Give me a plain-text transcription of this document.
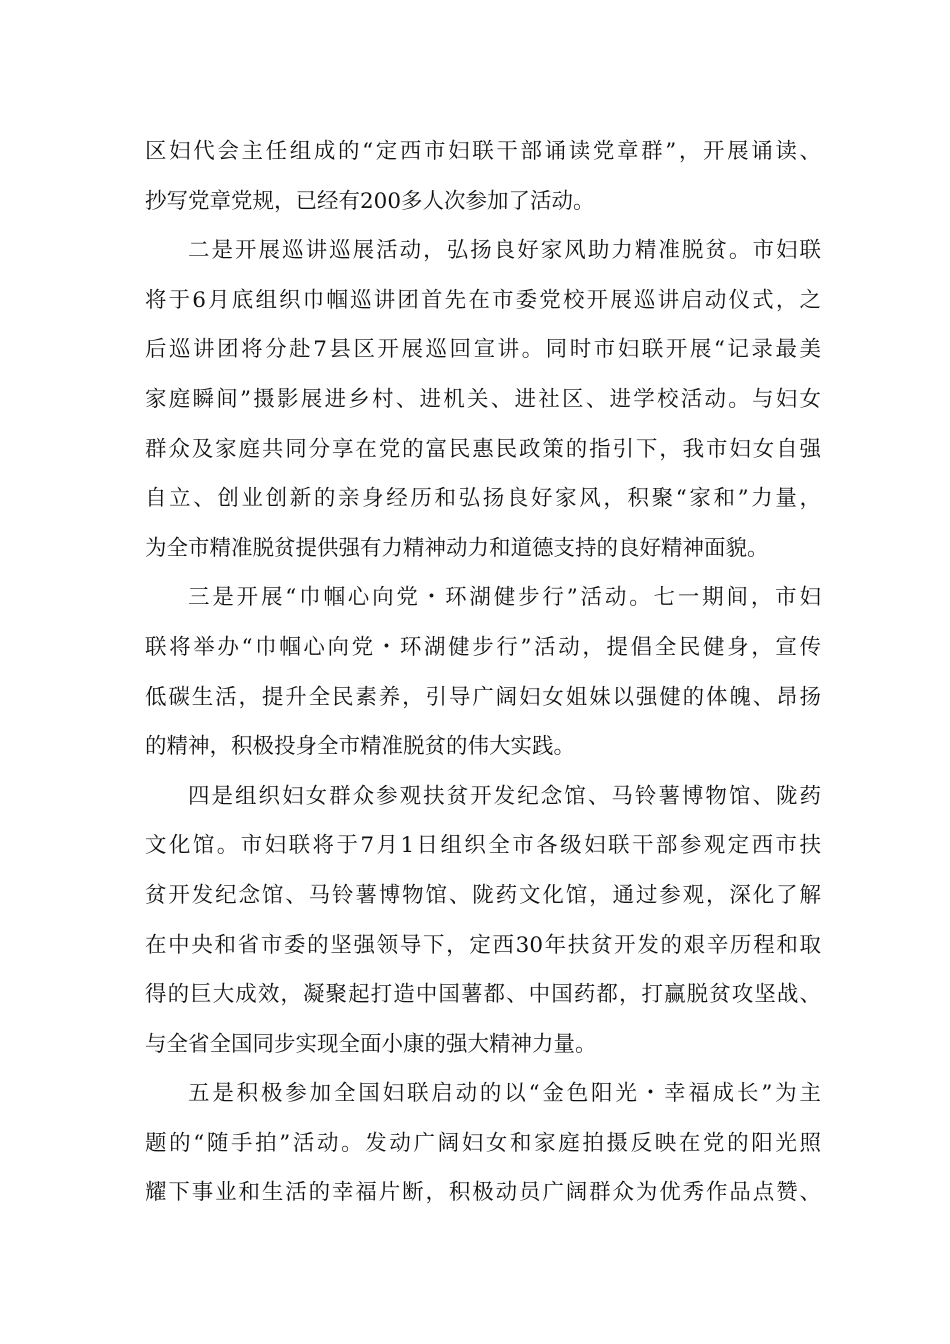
区妇代会主任组成的“定西市妇联干部诵读党章群”，开展诵读、
抄写党章党规，已经有200多人次参加了活动。
二是开展巡讲巡展活动，弘扬良好家风助力精准脱贫。市妇联
将于6月底组织巾帼巡讲团首先在市委党校开展巡讲启动仪式，之
后巡讲团将分赴7县区开展巡回宣讲。同时市妇联开展“记录最美
家庭瞬间”摄影展进乡村、进机关、进社区、进学校活动。与妇女
群众及家庭共同分享在党的富民惠民政策的指引下，我市妇女自强
自立、创业创新的亲身经历和弘扬良好家风，积聚“家和”力量，
为全市精准脱贫提供强有力精神动力和道德支持的良好精神面貌。
三是开展“巾帼心向党・环湖健步行”活动。七一期间，市妇
联将举办“巾帼心向党・环湖健步行”活动，提倡全民健身，宣传
低碳生活，提升全民素养，引导广阔妇女姐妹以强健的体魄、昂扬
的精神，积极投身全市精准脱贫的伟大实践。
四是组织妇女群众参观扶贫开发纪念馆、马铃薯博物馆、陇药
文化馆。市妇联将于7月1日组织全市各级妇联干部参观定西市扶
贫开发纪念馆、马铃薯博物馆、陇药文化馆，通过参观，深化了解
在中央和省市委的坚强领导下，定西30年扶贫开发的艰辛历程和取
得的巨大成效，凝聚起打造中国薯都、中国药都，打赢脱贫攻坚战、
与全省全国同步实现全面小康的强大精神力量。
五是积极参加全国妇联启动的以“金色阳光・幸福成长”为主
题的“随手拍”活动。发动广阔妇女和家庭拍摄反映在党的阳光照
耀下事业和生活的幸福片断，积极动员广阔群众为优秀作品点赞、
